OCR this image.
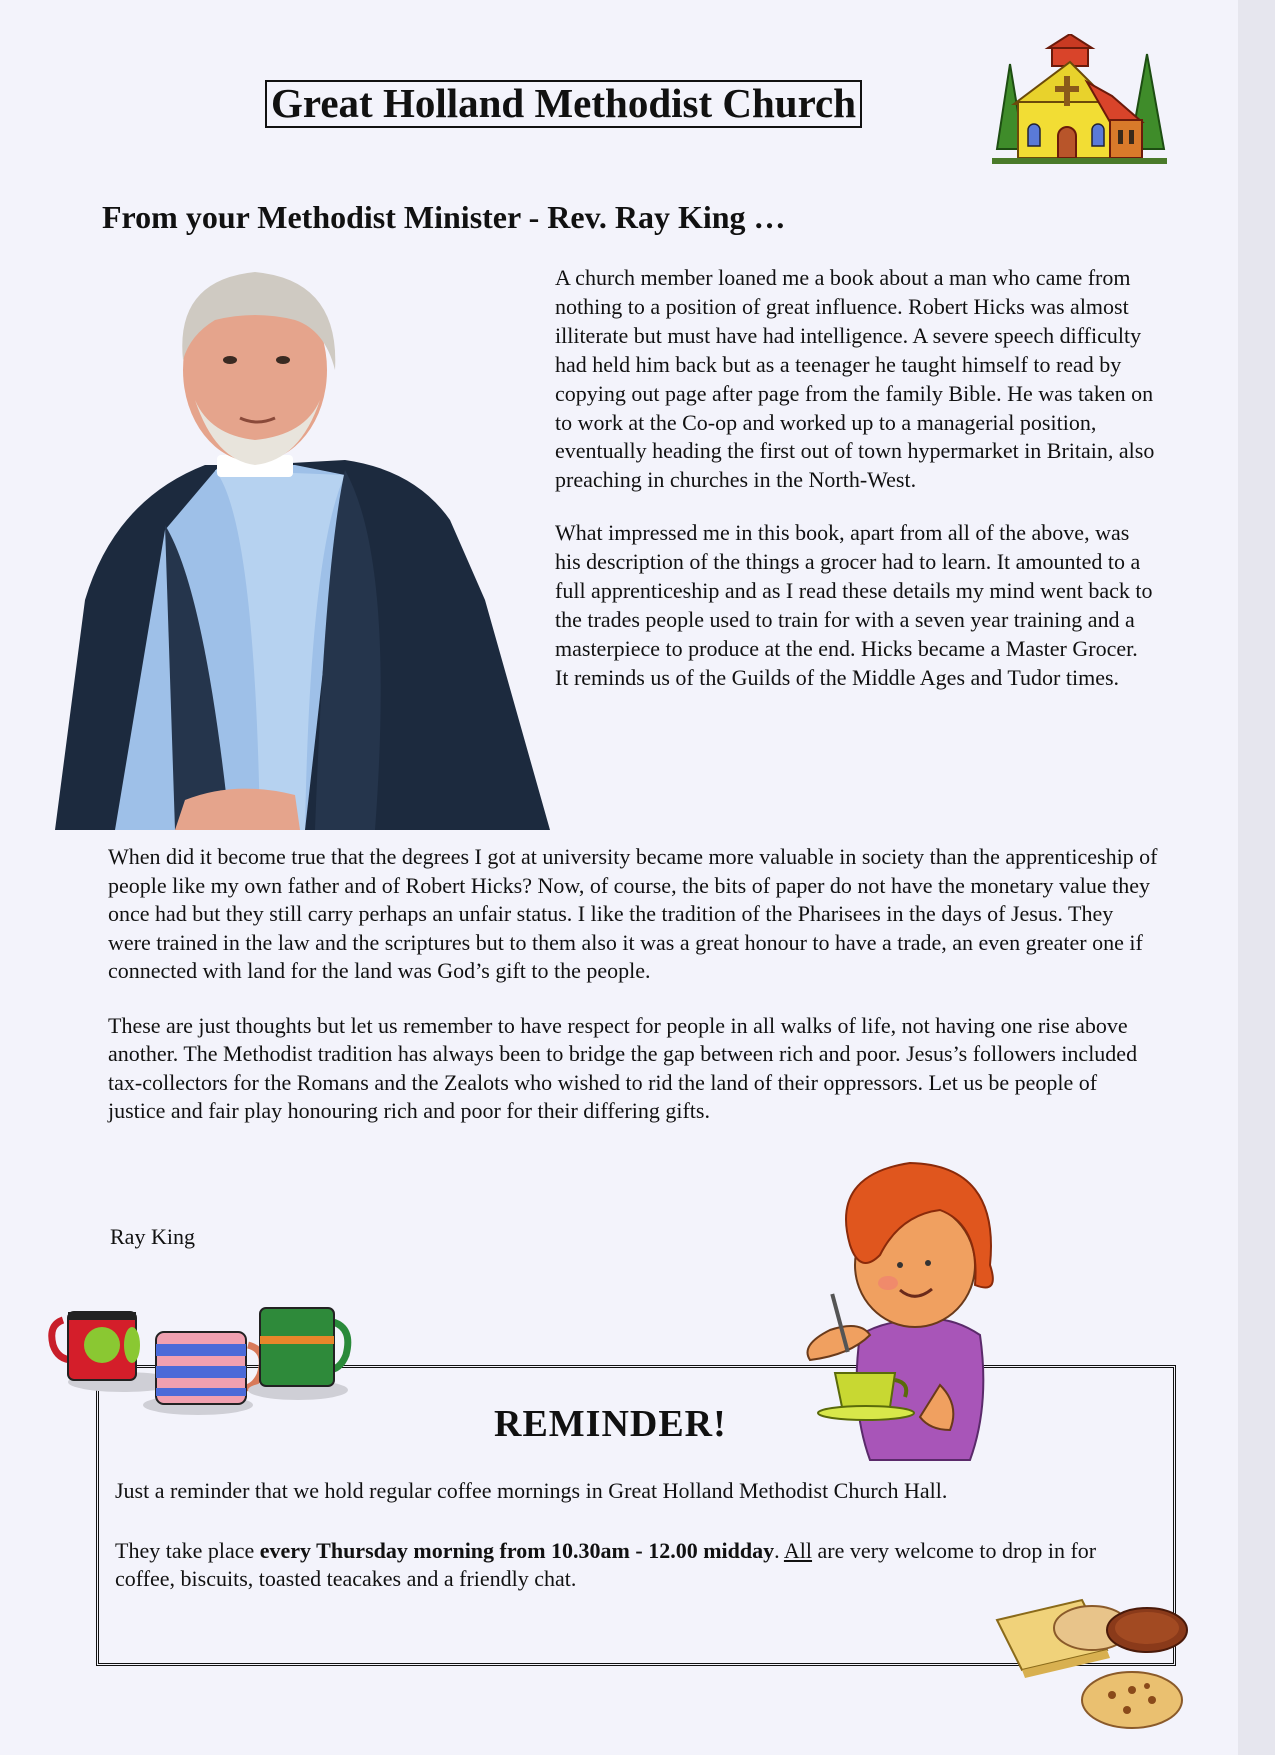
Great Holland Methodist Church
From your Methodist Minister - Rev. Ray King …

A church member loaned me a book about a man who came from nothing to a position of great influence. Robert Hicks was almost illiterate but must have had intelligence. A severe speech difficulty had held him back but as a teenager he taught himself to read by copying out page after page from the family Bible. He was taken on to work at the Co-op and worked up to a managerial position, eventually heading the first out of town hypermarket in Britain, also preaching in churches in the North-West.

What impressed me in this book, apart from all of the above, was his description of the things a grocer had to learn. It amounted to a full apprenticeship and as I read these details my mind went back to the trades people used to train for with a seven year training and a masterpiece to produce at the end. Hicks became a Master Grocer. It reminds us of the Guilds of the Middle Ages and Tudor times.

When did it become true that the degrees I got at university became more valuable in society than the apprenticeship of people like my own father and of Robert Hicks? Now, of course, the bits of paper do not have the monetary value they once had but they still carry perhaps an unfair status. I like the tradition of the Pharisees in the days of Jesus. They were trained in the law and the scriptures but to them also it was a great honour to have a trade, an even greater one if connected with land for the land was God’s gift to the people.

These are just thoughts but let us remember to have respect for people in all walks of life, not having one rise above another. The Methodist tradition has always been to bridge the gap between rich and poor. Jesus’s followers included tax-collectors for the Romans and the Zealots who wished to rid the land of their oppressors. Let us be people of justice and fair play honouring rich and poor for their differing gifts.

Ray King
REMINDER!
Just a reminder that we hold regular coffee mornings in Great Holland Methodist Church Hall.
They take place every Thursday morning from 10.30am - 12.00 midday. All are very welcome to drop in for coffee, biscuits, toasted teacakes and a friendly chat.
